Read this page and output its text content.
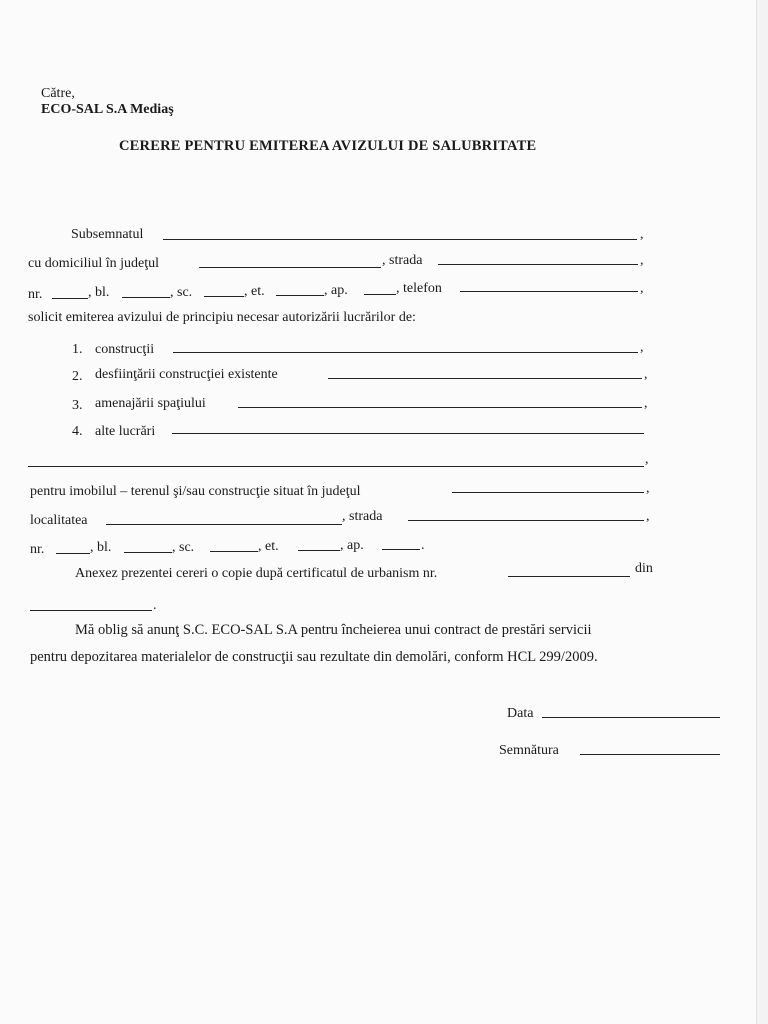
Către,
ECO-SAL S.A Mediaş
CERERE PENTRU EMITEREA AVIZULUI DE SALUBRITATE
Subsemnatul	,
cu domiciliul în judeţul	, strada	,
nr.	, bl.	, sc.	, et.	, ap.	, telefon	,
solicit emiterea avizului de principiu necesar autorizării lucrărilor de:
1. construcţii	,
2. desfiinţării construcţiei existente	,
3. amenajării spaţiului	,
4. alte lucrări
,
pentru imobilul – terenul şi/sau construcţie situat în judeţul	,
localitatea	, strada	,
nr.	, bl.	, sc.	, et.	, ap.	.
Anexez prezentei cereri o copie după certificatul de urbanism nr.	din
.
Mă oblig să anunţ S.C. ECO-SAL S.A pentru încheierea unui contract de prestări servicii
pentru depozitarea materialelor de construcţii sau rezultate din demolări, conform HCL 299/2009.
Data
Semnătura
